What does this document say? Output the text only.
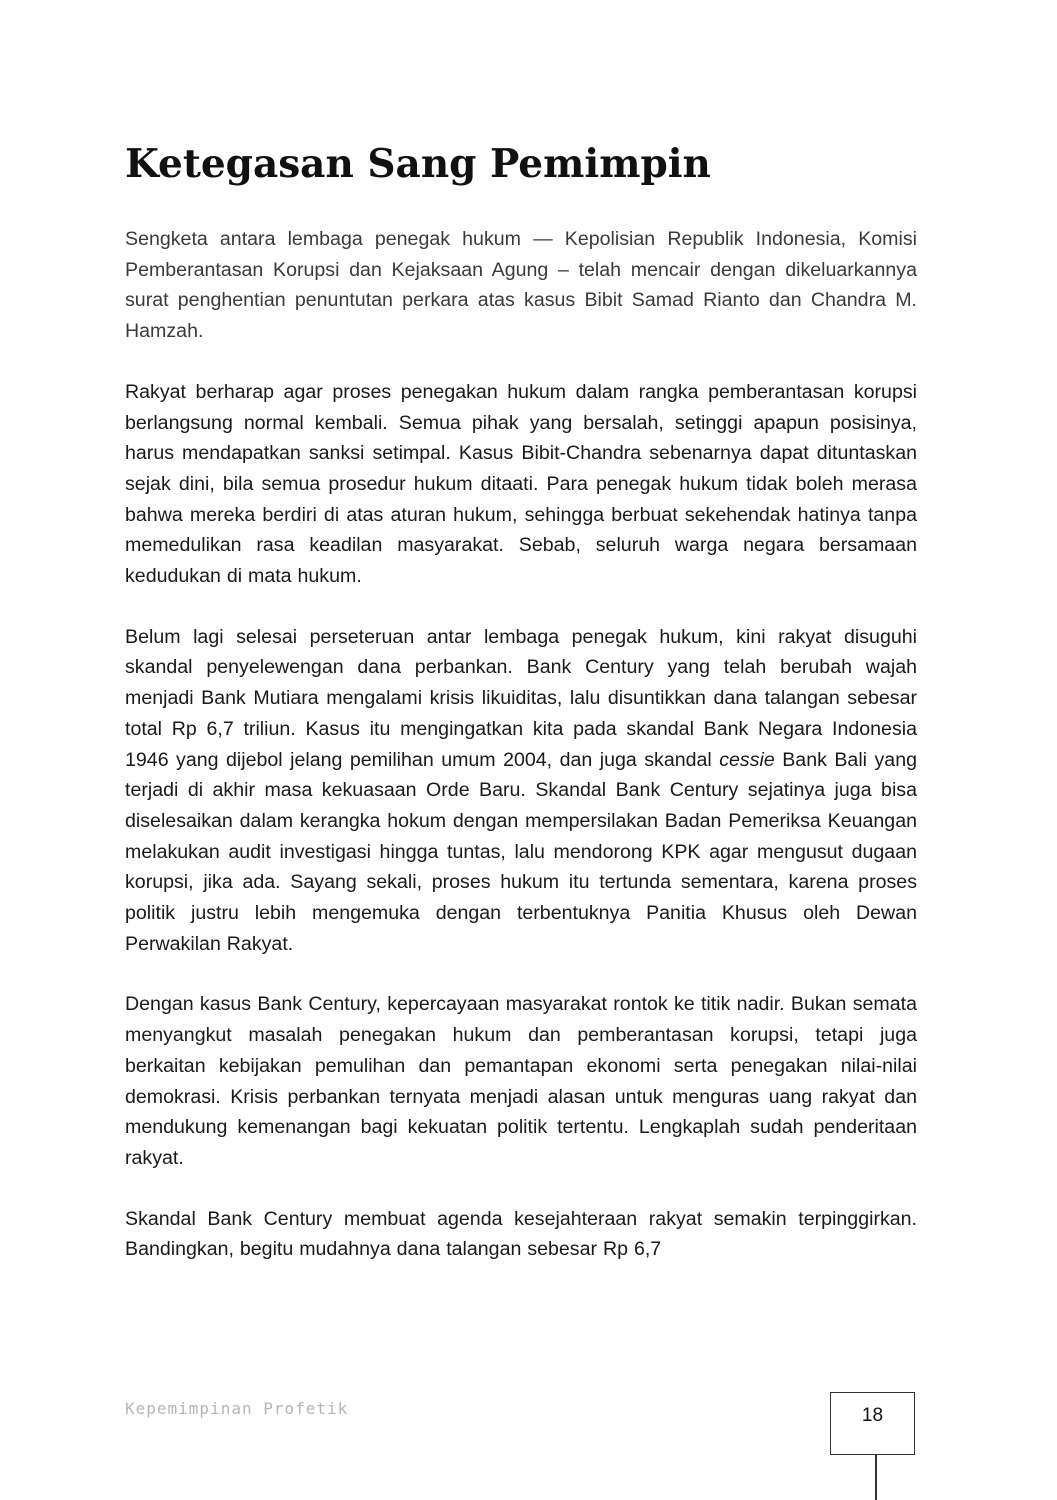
Ketegasan Sang Pemimpin

Sengketa antara lembaga penegak hukum — Kepolisian Republik Indonesia, Komisi Pemberantasan Korupsi dan Kejaksaan Agung – telah mencair dengan dikeluarkannya surat penghentian penuntutan perkara atas kasus Bibit Samad Rianto dan Chandra M. Hamzah.

Rakyat berharap agar proses penegakan hukum dalam rangka pemberantasan korupsi berlangsung normal kembali. Semua pihak yang bersalah, setinggi apapun posisinya, harus mendapatkan sanksi setimpal. Kasus Bibit-Chandra sebenarnya dapat dituntaskan sejak dini, bila semua prosedur hukum ditaati. Para penegak hukum tidak boleh merasa bahwa mereka berdiri di atas aturan hukum, sehingga berbuat sekehendak hatinya tanpa memedulikan rasa keadilan masyarakat. Sebab, seluruh warga negara bersamaan kedudukan di mata hukum.

Belum lagi selesai perseteruan antar lembaga penegak hukum, kini rakyat disuguhi skandal penyelewengan dana perbankan. Bank Century yang telah berubah wajah menjadi Bank Mutiara mengalami krisis likuiditas, lalu disuntikkan dana talangan sebesar total Rp 6,7 triliun. Kasus itu mengingatkan kita pada skandal Bank Negara Indonesia 1946 yang dijebol jelang pemilihan umum 2004, dan juga skandal cessie Bank Bali yang terjadi di akhir masa kekuasaan Orde Baru. Skandal Bank Century sejatinya juga bisa diselesaikan dalam kerangka hokum dengan mempersilakan Badan Pemeriksa Keuangan melakukan audit investigasi hingga tuntas, lalu mendorong KPK agar mengusut dugaan korupsi, jika ada. Sayang sekali, proses hukum itu tertunda sementara, karena proses politik justru lebih mengemuka dengan terbentuknya Panitia Khusus oleh Dewan Perwakilan Rakyat.

Dengan kasus Bank Century, kepercayaan masyarakat rontok ke titik nadir. Bukan semata menyangkut masalah penegakan hukum dan pemberantasan korupsi, tetapi juga berkaitan kebijakan pemulihan dan pemantapan ekonomi serta penegakan nilai-nilai demokrasi. Krisis perbankan ternyata menjadi alasan untuk menguras uang rakyat dan mendukung kemenangan bagi kekuatan politik tertentu. Lengkaplah sudah penderitaan rakyat.

Skandal Bank Century membuat agenda kesejahteraan rakyat semakin terpinggirkan. Bandingkan, begitu mudahnya dana talangan sebesar Rp 6,7

Kepemimpinan Profetik	18
